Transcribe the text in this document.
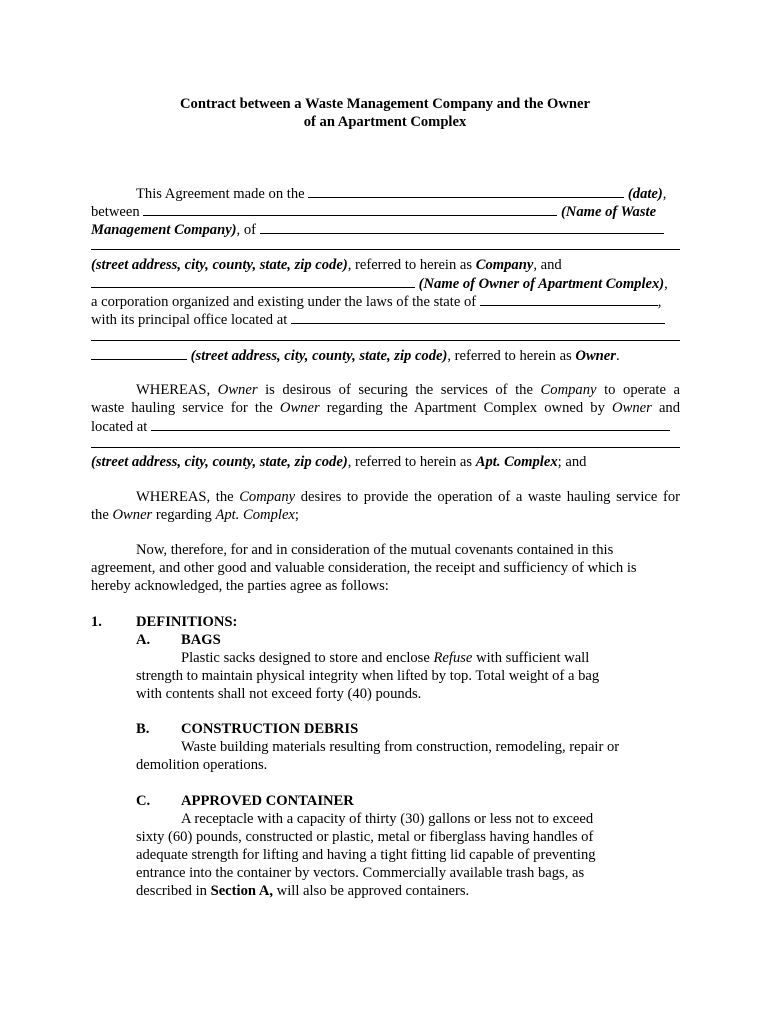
Contract between a Waste Management Company and the Owner
of an Apartment Complex
This Agreement made on the	(date),
between	(Name of Waste
Management Company), of
(street address, city, county, state, zip code), referred to herein as Company, and
(Name of Owner of Apartment Complex),
a corporation organized and existing under the laws of the state of	,
with its principal office located at
(street address, city, county, state, zip code), referred to herein as Owner.
WHEREAS, Owner is desirous of securing the services of the Company to operate a
waste hauling service for the Owner regarding the Apartment Complex owned by Owner and
located at
(street address, city, county, state, zip code), referred to herein as Apt. Complex; and
WHEREAS, the Company desires to provide the operation of a waste hauling service for
the Owner regarding Apt. Complex;
Now, therefore, for and in consideration of the mutual covenants contained in this
agreement, and other good and valuable consideration, the receipt and sufficiency of which is
hereby acknowledged, the parties agree as follows:
1. DEFINITIONS:
A. BAGS
Plastic sacks designed to store and enclose Refuse with sufficient wall
strength to maintain physical integrity when lifted by top. Total weight of a bag
with contents shall not exceed forty (40) pounds.
B. CONSTRUCTION DEBRIS
Waste building materials resulting from construction, remodeling, repair or
demolition operations.
C. APPROVED CONTAINER
A receptacle with a capacity of thirty (30) gallons or less not to exceed
sixty (60) pounds, constructed or plastic, metal or fiberglass having handles of
adequate strength for lifting and having a tight fitting lid capable of preventing
entrance into the container by vectors. Commercially available trash bags, as
described in Section A, will also be approved containers.
